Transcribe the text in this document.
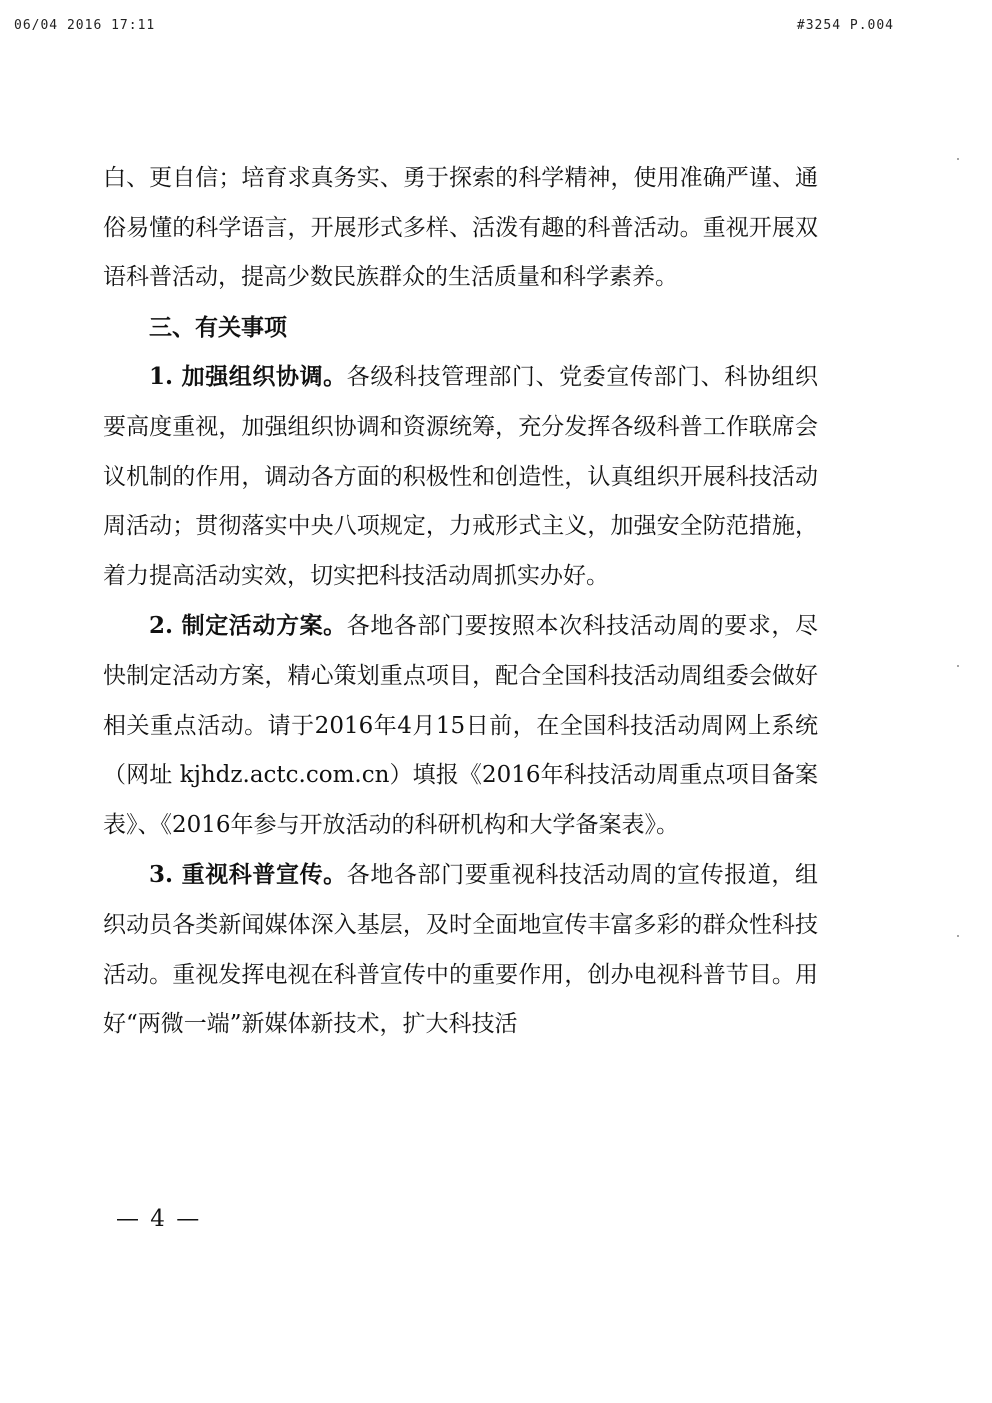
06/04 2016 17:11	#3254 P.004

白、更自信；培育求真务实、勇于探索的科学精神，使用准确严谨、通俗易懂的科学语言，开展形式多样、活泼有趣的科普活动。重视开展双语科普活动，提高少数民族群众的生活质量和科学素养。

三、有关事项

1. 加强组织协调。各级科技管理部门、党委宣传部门、科协组织要高度重视，加强组织协调和资源统筹，充分发挥各级科普工作联席会议机制的作用，调动各方面的积极性和创造性，认真组织开展科技活动周活动；贯彻落实中央八项规定，力戒形式主义，加强安全防范措施，着力提高活动实效，切实把科技活动周抓实办好。

2. 制定活动方案。各地各部门要按照本次科技活动周的要求，尽快制定活动方案，精心策划重点项目，配合全国科技活动周组委会做好相关重点活动。请于2016年4月15日前，在全国科技活动周网上系统（网址 kjhdz.actc.com.cn）填报《2016年科技活动周重点项目备案表》、《2016年参与开放活动的科研机构和大学备案表》。

3. 重视科普宣传。各地各部门要重视科技活动周的宣传报道，组织动员各类新闻媒体深入基层，及时全面地宣传丰富多彩的群众性科技活动。重视发挥电视在科普宣传中的重要作用，创办电视科普节目。用好“两微一端”新媒体新技术，扩大科技活

— 4 —
